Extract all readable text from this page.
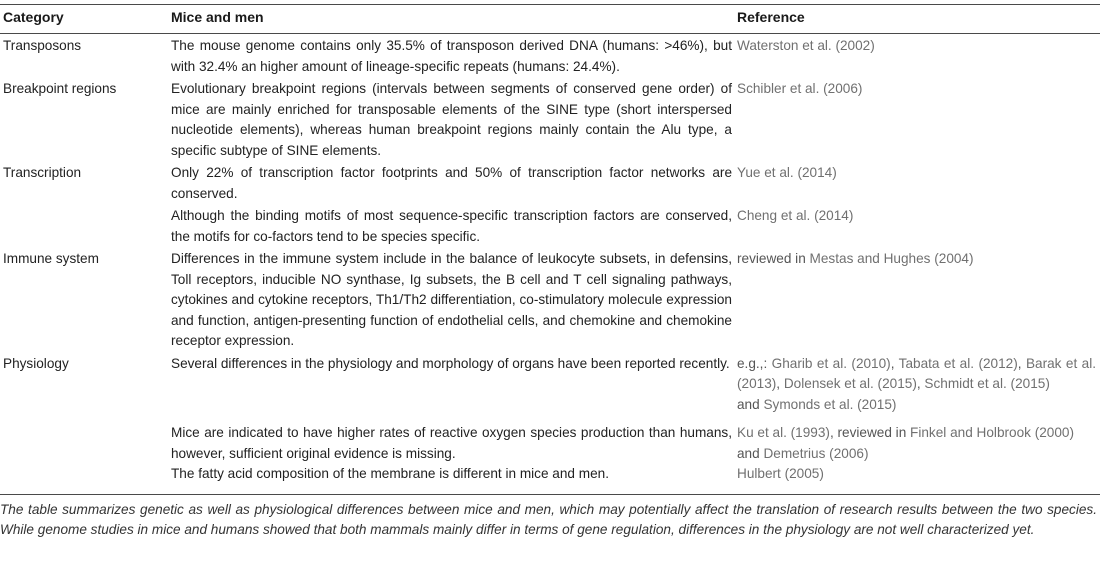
Category	Mice and men	Reference
Transposons	The mouse genome contains only 35.5% of transposon derived DNA (humans: >46%), but with 32.4% an higher amount of lineage-specific repeats (humans: 24.4%).	Waterston et al. (2002)
Breakpoint regions	Evolutionary breakpoint regions (intervals between segments of conserved gene order) of mice are mainly enriched for transposable elements of the SINE type (short interspersed nucleotide elements), whereas human breakpoint regions mainly contain the Alu type, a specific subtype of SINE elements.	Schibler et al. (2006)
Transcription	Only 22% of transcription factor footprints and 50% of transcription factor networks are conserved.	Yue et al. (2014)
	Although the binding motifs of most sequence-specific transcription factors are conserved, the motifs for co-factors tend to be species specific.	Cheng et al. (2014)
Immune system	Differences in the immune system include in the balance of leukocyte subsets, in defensins, Toll receptors, inducible NO synthase, Ig subsets, the B cell and T cell signaling pathways, cytokines and cytokine receptors, Th1/Th2 differentiation, co-stimulatory molecule expression and function, antigen-presenting function of endothelial cells, and chemokine and chemokine receptor expression.	reviewed in Mestas and Hughes (2004)
Physiology	Several differences in the physiology and morphology of organs have been reported recently.	e.g.,: Gharib et al. (2010), Tabata et al. (2012), Barak et al. (2013), Dolensek et al. (2015), Schmidt et al. (2015)
and Symonds et al. (2015)
	Mice are indicated to have higher rates of reactive oxygen species production than humans, however, sufficient original evidence is missing.	Ku et al. (1993), reviewed in Finkel and Holbrook (2000)
and Demetrius (2006)
	The fatty acid composition of the membrane is different in mice and men.	Hulbert (2005)

The table summarizes genetic as well as physiological differences between mice and men, which may potentially affect the translation of research results between the two species. While genome studies in mice and humans showed that both mammals mainly differ in terms of gene regulation, differences in the physiology are not well characterized yet.
